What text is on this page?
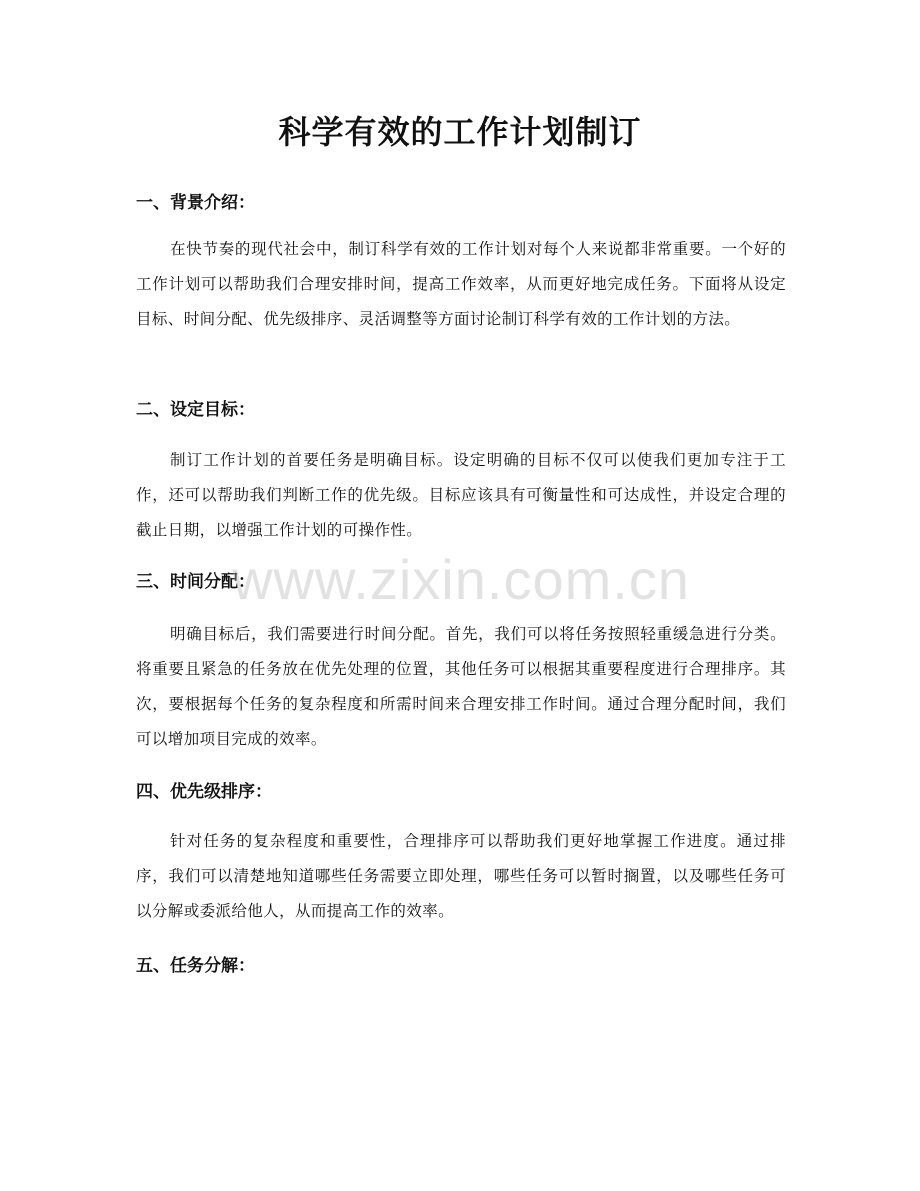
科学有效的工作计划制订
一、背景介绍：

在快节奏的现代社会中，制订科学有效的工作计划对每个人来说都非常重要。一个好的工作计划可以帮助我们合理安排时间，提高工作效率，从而更好地完成任务。下面将从设定目标、时间分配、优先级排序、灵活调整等方面讨论制订科学有效的工作计划的方法。

二、设定目标：

制订工作计划的首要任务是明确目标。设定明确的目标不仅可以使我们更加专注于工作，还可以帮助我们判断工作的优先级。目标应该具有可衡量性和可达成性，并设定合理的截止日期，以增强工作计划的可操作性。

三、时间分配：

明确目标后，我们需要进行时间分配。首先，我们可以将任务按照轻重缓急进行分类。将重要且紧急的任务放在优先处理的位置，其他任务可以根据其重要程度进行合理排序。其次，要根据每个任务的复杂程度和所需时间来合理安排工作时间。通过合理分配时间，我们可以增加项目完成的效率。

四、优先级排序：

针对任务的复杂程度和重要性，合理排序可以帮助我们更好地掌握工作进度。通过排序，我们可以清楚地知道哪些任务需要立即处理，哪些任务可以暂时搁置，以及哪些任务可以分解或委派给他人，从而提高工作的效率。

五、任务分解：
www.zixin.com.cn
